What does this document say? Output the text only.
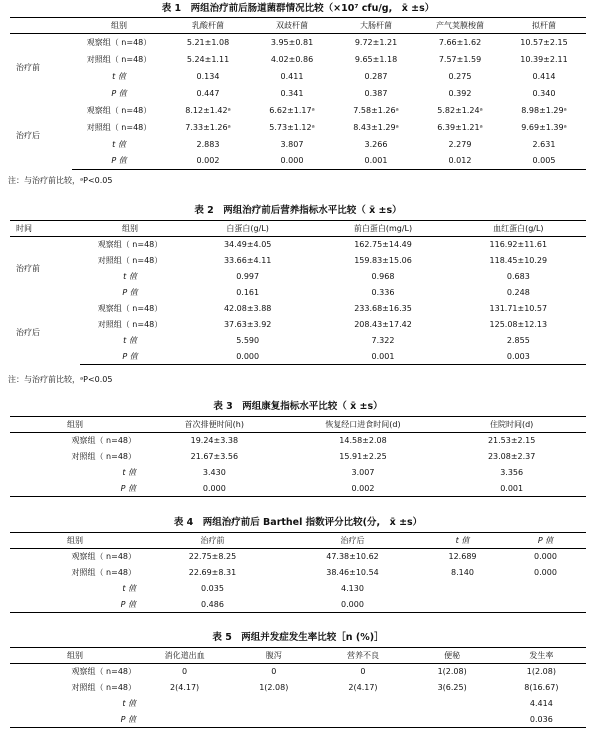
表 1　两组治疗前后肠道菌群情况比较（×10⁷ cfu/g,　x̄ ±s）
	组别	乳酸杆菌	双歧杆菌	大肠杆菌	产气荚膜梭菌	拟杆菌
治疗前	观察组（ n=48）	5.21±1.08	3.95±0.81	9.72±1.21	7.66±1.62	10.57±2.15
	对照组（ n=48）	5.24±1.11	4.02±0.86	9.65±1.18	7.57±1.59	10.39±2.11
	t 值	0.134	0.411	0.287	0.275	0.414
	P 值	0.447	0.341	0.387	0.392	0.340
治疗后	观察组（ n=48）	8.12±1.42ᵃ	6.62±1.17ᵃ	7.58±1.26ᵃ	5.82±1.24ᵃ	8.98±1.29ᵃ
	对照组（ n=48）	7.33±1.26ᵃ	5.73±1.12ᵃ	8.43±1.29ᵃ	6.39±1.21ᵃ	9.69±1.39ᵃ
	t 值	2.883	3.807	3.266	2.279	2.631
	P 值	0.002	0.000	0.001	0.012	0.005
注：与治疗前比较，ᵃP<0.05
表 2　两组治疗前后营养指标水平比较（ x̄ ±s）
时间	组别	白蛋白(g/L)	前白蛋白(mg/L)	血红蛋白(g/L)
治疗前	观察组（ n=48）	34.49±4.05	162.75±14.49	116.92±11.61
	对照组（ n=48）	33.66±4.11	159.83±15.06	118.45±10.29
	t 值	0.997	0.968	0.683
	P 值	0.161	0.336	0.248
治疗后	观察组（ n=48）	42.08±3.88	233.68±16.35	131.71±10.57
	对照组（ n=48）	37.63±3.92	208.43±17.42	125.08±12.13
	t 值	5.590	7.322	2.855
	P 值	0.000	0.001	0.003
注：与治疗前比较，ᵃP<0.05
表 3　两组康复指标水平比较（ x̄ ±s）
组别	首次排便时间(h)	恢复经口进食时间(d)	住院时间(d)
观察组（ n=48）	19.24±3.38	14.58±2.08	21.53±2.15
对照组（ n=48）	21.67±3.56	15.91±2.25	23.08±2.37
t 值	3.430	3.007	3.356
P 值	0.000	0.002	0.001
表 4　两组治疗前后 Barthel 指数评分比较(分,　x̄ ±s）
组别	治疗前	治疗后	t 值	P 值
观察组（ n=48）	22.75±8.25	47.38±10.62	12.689	0.000
对照组（ n=48）	22.69±8.31	38.46±10.54	8.140	0.000
t 值	0.035	4.130		
P 值	0.486	0.000		
表 5　两组并发症发生率比较［n (%)］
组别	消化道出血	腹泻	营养不良	便秘	发生率
观察组（ n=48）	0	0	0	1(2.08)	1(2.08)
对照组（ n=48）	2(4.17)	1(2.08)	2(4.17)	3(6.25)	8(16.67)
t 值					4.414
P 值					0.036
